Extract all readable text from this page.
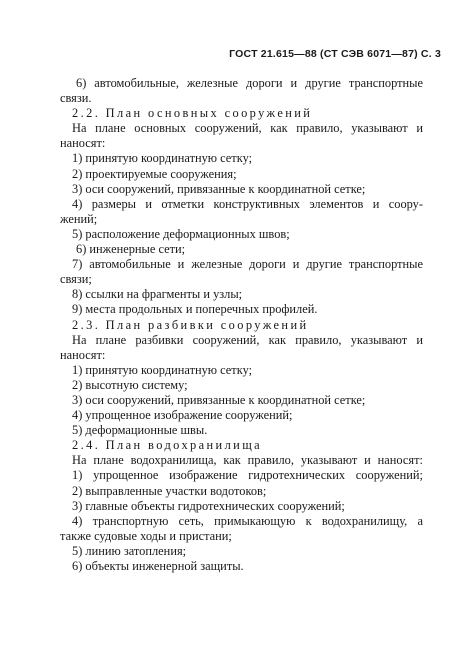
ГОСТ 21.615—88 (СТ СЭВ 6071—87) С. 3
6) автомобильные, железные дороги и другие транспортные
связи.
2.2. План основных сооружений
На плане основных сооружений, как правило, указывают и
наносят:
1) принятую координатную сетку;
2) проектируемые сооружения;
3) оси сооружений, привязанные к координатной сетке;
4) размеры и отметки конструктивных элементов и соору-
жений;
5) расположение деформационных швов;
6) инженерные сети;
7) автомобильные и железные дороги и другие транспортные
связи;
8) ссылки на фрагменты и узлы;
9) места продольных и поперечных профилей.
2.3. План разбивки сооружений
На плане разбивки сооружений, как правило, указывают и
наносят:
1) принятую координатную сетку;
2) высотную систему;
3) оси сооружений, привязанные к координатной сетке;
4) упрощенное изображение сооружений;
5) деформационные швы.
2.4. План водохранилища
На плане водохранилища, как правило, указывают и наносят:
1) упрощенное изображение гидротехнических сооружений;
2) выправленные участки водотоков;
3) главные объекты гидротехнических сооружений;
4) транспортную сеть, примыкающую к водохранилищу, а
также судовые ходы и пристани;
5) линию затопления;
6) объекты инженерной защиты.
